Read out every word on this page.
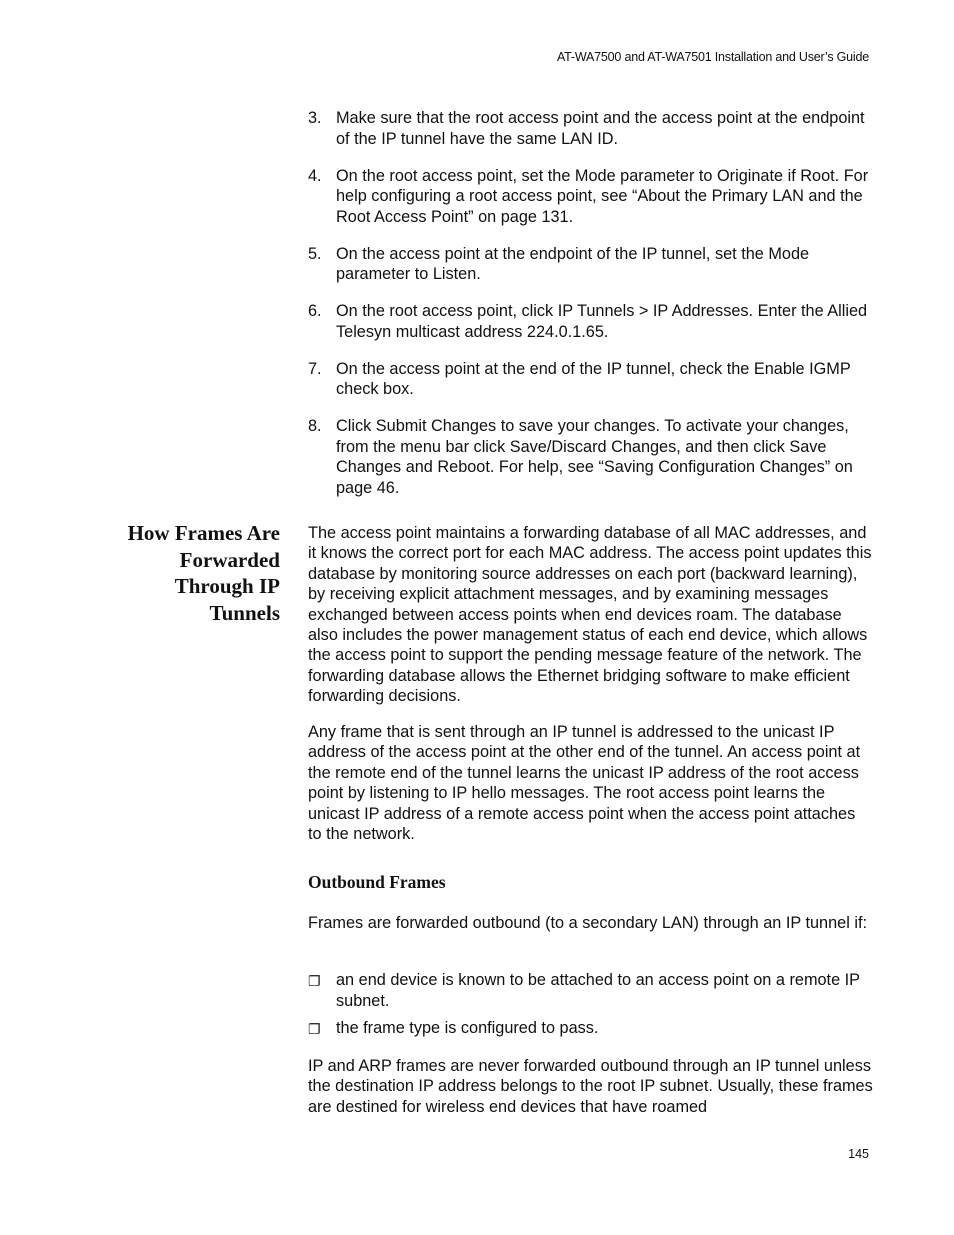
AT-WA7500 and AT-WA7501 Installation and User’s Guide
3. Make sure that the root access point and the access point at the endpoint of the IP tunnel have the same LAN ID.
4. On the root access point, set the Mode parameter to Originate if Root. For help configuring a root access point, see “About the Primary LAN and the Root Access Point” on page 131.
5. On the access point at the endpoint of the IP tunnel, set the Mode parameter to Listen.
6. On the root access point, click IP Tunnels > IP Addresses. Enter the Allied Telesyn multicast address 224.0.1.65.
7. On the access point at the end of the IP tunnel, check the Enable IGMP check box.
8. Click Submit Changes to save your changes. To activate your changes, from the menu bar click Save/Discard Changes, and then click Save Changes and Reboot. For help, see “Saving Configuration Changes” on page 46.
How Frames Are
Forwarded
Through IP
Tunnels

The access point maintains a forwarding database of all MAC addresses, and it knows the correct port for each MAC address. The access point updates this database by monitoring source addresses on each port (backward learning), by receiving explicit attachment messages, and by examining messages exchanged between access points when end devices roam. The database also includes the power management status of each end device, which allows the access point to support the pending message feature of the network. The forwarding database allows the Ethernet bridging software to make efficient forwarding decisions.

Any frame that is sent through an IP tunnel is addressed to the unicast IP address of the access point at the other end of the tunnel. An access point at the remote end of the tunnel learns the unicast IP address of the root access point by listening to IP hello messages. The root access point learns the unicast IP address of a remote access point when the access point attaches to the network.

Outbound Frames

Frames are forwarded outbound (to a secondary LAN) through an IP tunnel if:

❐ an end device is known to be attached to an access point on a remote IP subnet.
❐ the frame type is configured to pass.

IP and ARP frames are never forwarded outbound through an IP tunnel unless the destination IP address belongs to the root IP subnet. Usually, these frames are destined for wireless end devices that have roamed

145
